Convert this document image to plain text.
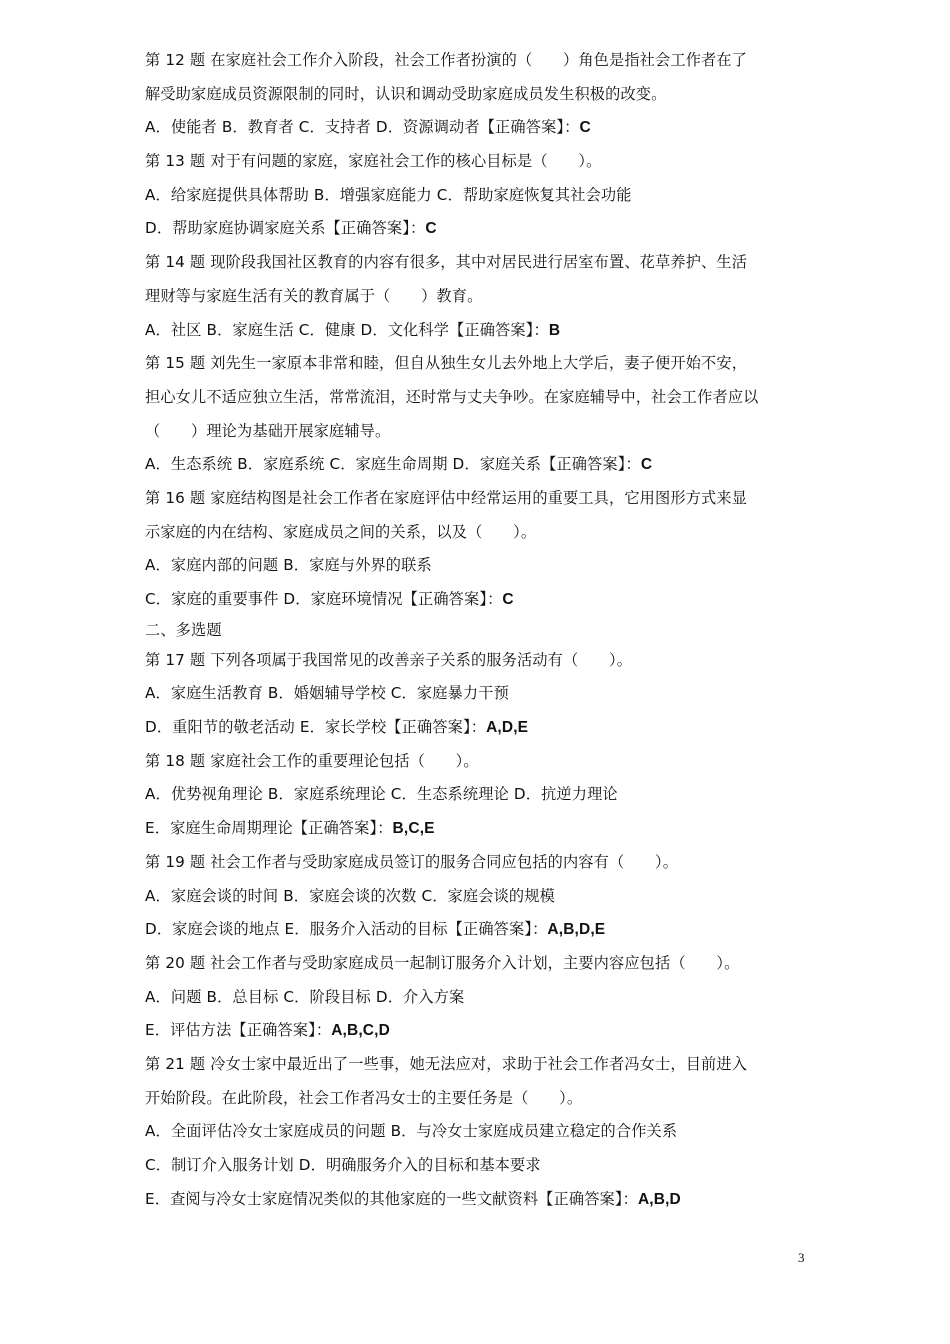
第 12 题 在家庭社会工作介入阶段，社会工作者扮演的（　　）角色是指社会工作者在了
解受助家庭成员资源限制的同时，认识和调动受助家庭成员发生积极的改变。
A．使能者 B．教育者 C．支持者 D．资源调动者【正确答案】：C
第 13 题 对于有问题的家庭，家庭社会工作的核心目标是（　　）。
A．给家庭提供具体帮助 B．增强家庭能力 C．帮助家庭恢复其社会功能
D．帮助家庭协调家庭关系【正确答案】：C
第 14 题 现阶段我国社区教育的内容有很多，其中对居民进行居室布置、花草养护、生活
理财等与家庭生活有关的教育属于（　　）教育。
A．社区 B．家庭生活 C．健康 D．文化科学【正确答案】：B
第 15 题 刘先生一家原本非常和睦，但自从独生女儿去外地上大学后，妻子便开始不安，
担心女儿不适应独立生活，常常流泪，还时常与丈夫争吵。在家庭辅导中，社会工作者应以
（　　）理论为基础开展家庭辅导。
A．生态系统 B．家庭系统 C．家庭生命周期 D．家庭关系【正确答案】：C
第 16 题 家庭结构图是社会工作者在家庭评估中经常运用的重要工具，它用图形方式来显
示家庭的内在结构、家庭成员之间的关系，以及（　　）。
A．家庭内部的问题 B．家庭与外界的联系
C．家庭的重要事件 D．家庭环境情况【正确答案】：C
二、多选题
第 17 题 下列各项属于我国常见的改善亲子关系的服务活动有（　　）。
A．家庭生活教育 B．婚姻辅导学校 C．家庭暴力干预
D．重阳节的敬老活动 E．家长学校【正确答案】：A,D,E
第 18 题 家庭社会工作的重要理论包括（　　）。
A．优势视角理论 B．家庭系统理论 C．生态系统理论 D．抗逆力理论
E．家庭生命周期理论【正确答案】：B,C,E
第 19 题 社会工作者与受助家庭成员签订的服务合同应包括的内容有（　　）。
A．家庭会谈的时间 B．家庭会谈的次数 C．家庭会谈的规模
D．家庭会谈的地点 E．服务介入活动的目标【正确答案】：A,B,D,E
第 20 题 社会工作者与受助家庭成员一起制订服务介入计划，主要内容应包括（　　）。
A．问题 B．总目标 C．阶段目标 D．介入方案
E．评估方法【正确答案】：A,B,C,D
第 21 题 冷女士家中最近出了一些事，她无法应对，求助于社会工作者冯女士，目前进入
开始阶段。在此阶段，社会工作者冯女士的主要任务是（　　）。
A．全面评估冷女士家庭成员的问题 B．与冷女士家庭成员建立稳定的合作关系
C．制订介入服务计划 D．明确服务介入的目标和基本要求
E．查阅与冷女士家庭情况类似的其他家庭的一些文献资料【正确答案】：A,B,D
3
